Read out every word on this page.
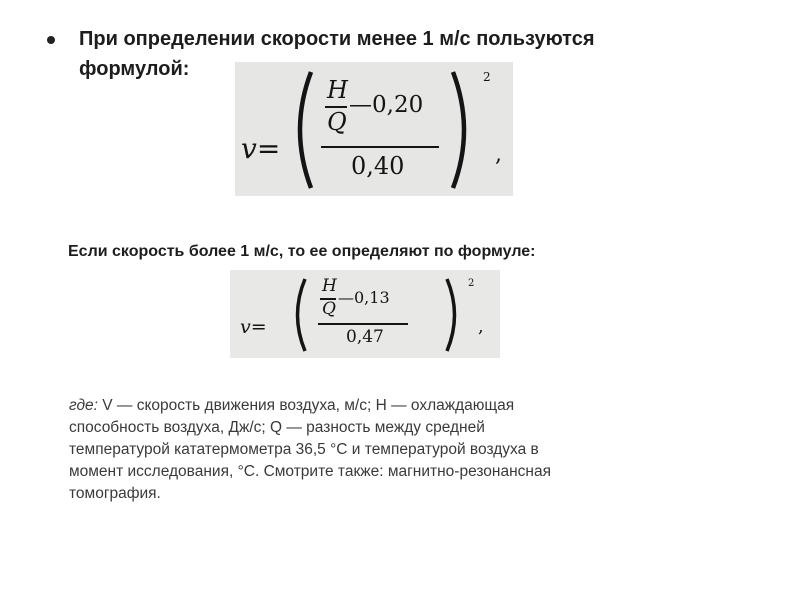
При определении скорости менее 1 м/с пользуются
формулой:
v=
H
Q
—0,20
0,40
2
,
Если скорость более 1 м/с, то ее определяют по формуле:
v=
H
Q
—0,13
0,47
2
,
где: V — скорость движения воздуха, м/с; Н — охлаждающая
способность воздуха, Дж/с; Q — разность между средней
температурой кататермометра 36,5 °С и температурой воздуха в
момент исследования, °С. Смотрите также: магнитно-резонансная
томография.
